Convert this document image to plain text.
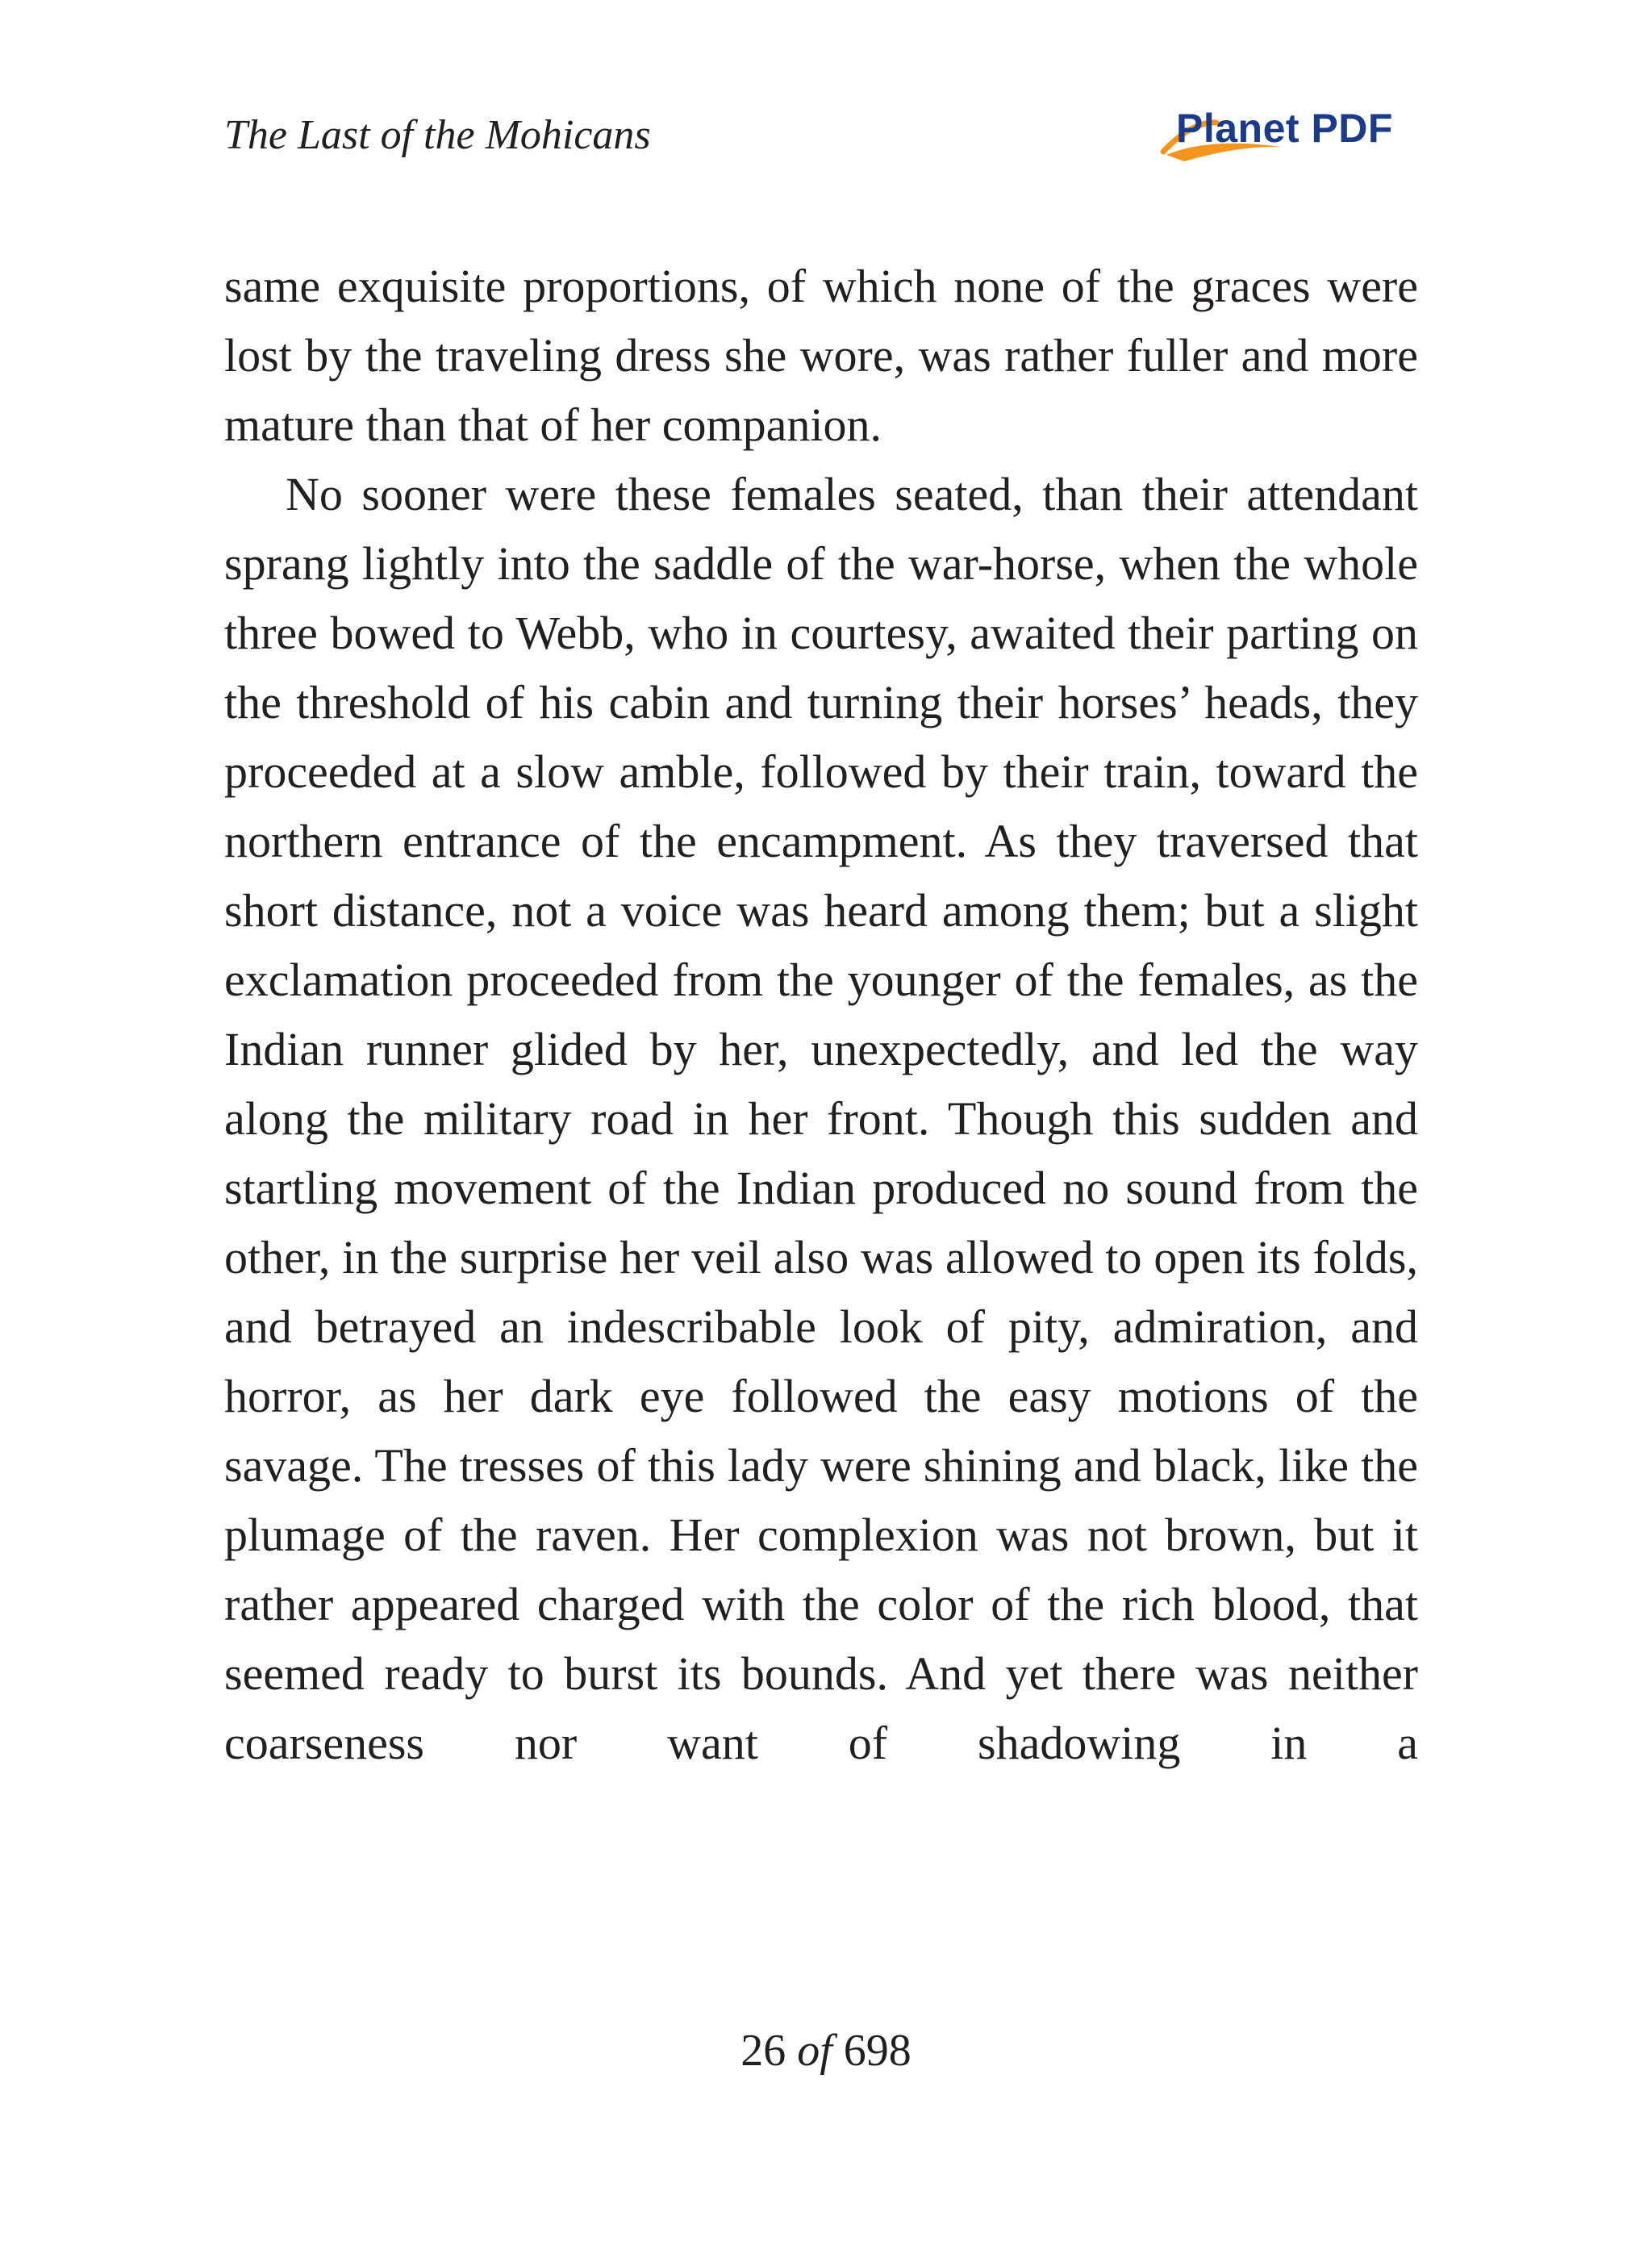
The Last of the Mohicans	Planet PDF

same exquisite proportions, of which none of the graces were lost by the traveling dress she wore, was rather fuller and more mature than that of her companion.

No sooner were these females seated, than their attendant sprang lightly into the saddle of the war-horse, when the whole three bowed to Webb, who in courtesy, awaited their parting on the threshold of his cabin and turning their horses’ heads, they proceeded at a slow amble, followed by their train, toward the northern entrance of the encampment. As they traversed that short distance, not a voice was heard among them; but a slight exclamation proceeded from the younger of the females, as the Indian runner glided by her, unexpectedly, and led the way along the military road in her front. Though this sudden and startling movement of the Indian produced no sound from the other, in the surprise her veil also was allowed to open its folds, and betrayed an indescribable look of pity, admiration, and horror, as her dark eye followed the easy motions of the savage. The tresses of this lady were shining and black, like the plumage of the raven. Her complexion was not brown, but it rather appeared charged with the color of the rich blood, that seemed ready to burst its bounds. And yet there was neither coarseness nor want of shadowing in a

26 of 698
